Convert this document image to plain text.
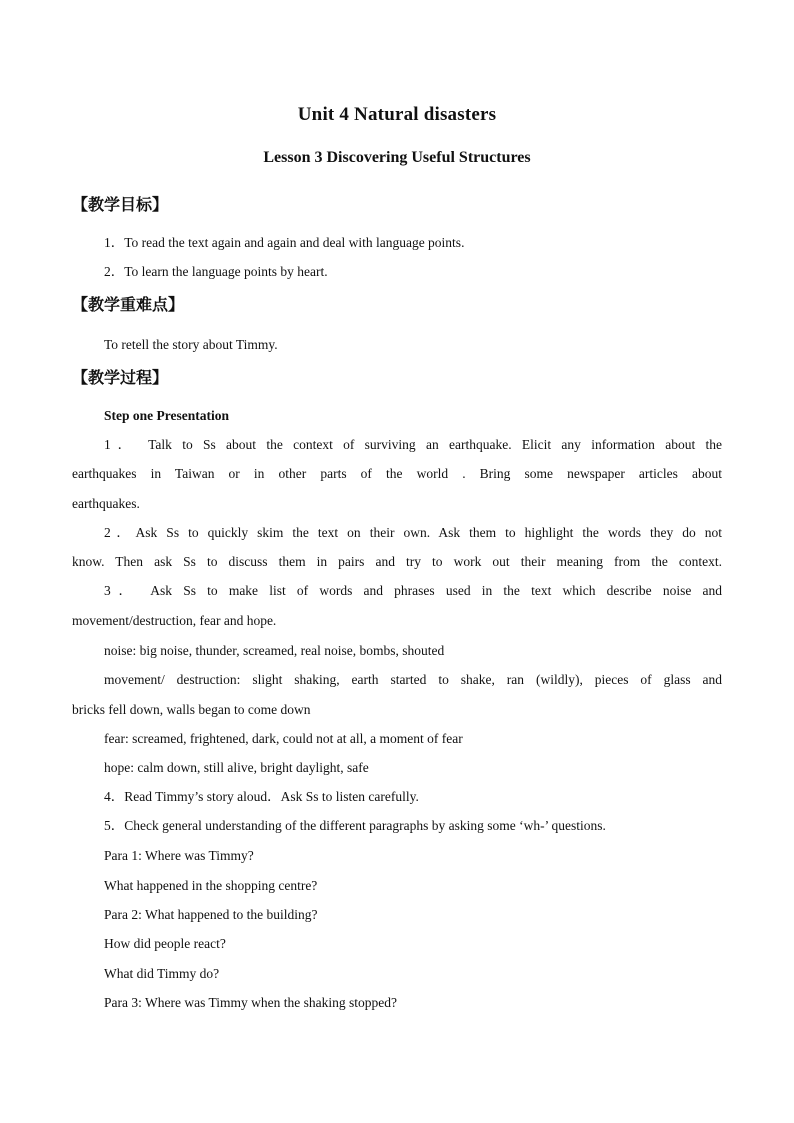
Unit 4 Natural disasters
Lesson 3 Discovering Useful Structures
【教学目标】
1．To read the text again and again and deal with language points.
2．To learn the language points by heart.
【教学重难点】
To retell the story about Timmy.
【教学过程】
Step one Presentation
1． Talk to Ss about the context of surviving an earthquake. Elicit any information about the
earthquakes in Taiwan or in other parts of the world . Bring some newspaper articles about
earthquakes.
2．Ask Ss to quickly skim the text on their own. Ask them to highlight the words they do not
know. Then ask Ss to discuss them in pairs and try to work out their meaning from the context.
3． Ask Ss to make list of words and phrases used in the text which describe noise and
movement/destruction, fear and hope.
noise: big noise, thunder, screamed, real noise, bombs, shouted
movement/ destruction: slight shaking, earth started to shake, ran (wildly), pieces of glass and
bricks fell down, walls began to come down
fear: screamed, frightened, dark, could not at all, a moment of fear
hope: calm down, still alive, bright daylight, safe
4．Read Timmy’s story aloud．Ask Ss to listen carefully.
5．Check general understanding of the different paragraphs by asking some ‘wh-’ questions.
Para 1: Where was Timmy?
What happened in the shopping centre?
Para 2: What happened to the building?
How did people react?
What did Timmy do?
Para 3: Where was Timmy when the shaking stopped?
